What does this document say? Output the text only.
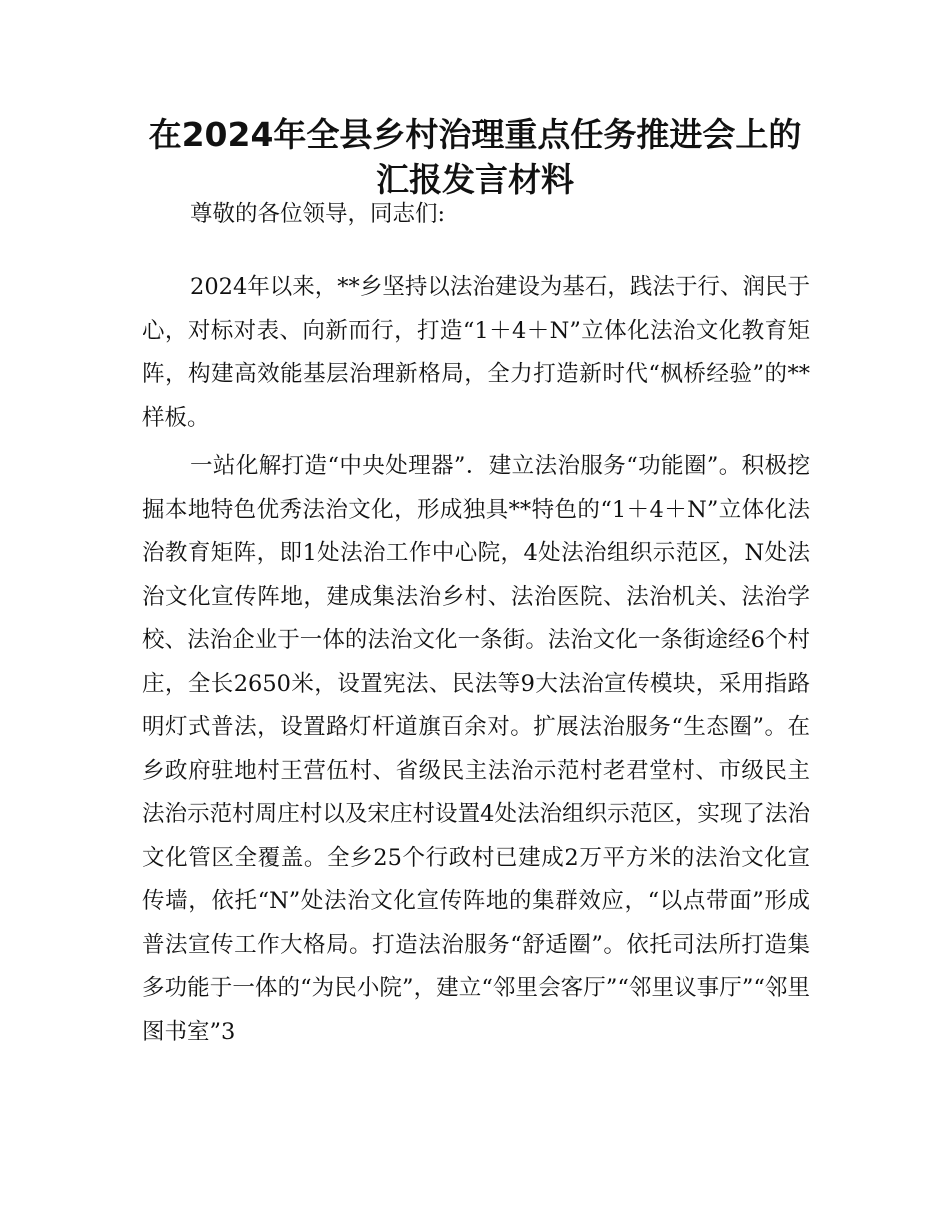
在2024年全县乡村治理重点任务推进会上的汇报发言材料

尊敬的各位领导，同志们:

2024年以来，**乡坚持以法治建设为基石，践法于行、润民于心，对标对表、向新而行，打造“1＋4＋N”立体化法治文化教育矩阵，构建高效能基层治理新格局，全力打造新时代“枫桥经验”的**样板。

一站化解打造“中央处理器”．建立法治服务“功能圈”。积极挖掘本地特色优秀法治文化，形成独具**特色的“1＋4＋N”立体化法治教育矩阵，即1处法治工作中心院，4处法治组织示范区，N处法治文化宣传阵地，建成集法治乡村、法治医院、法治机关、法治学校、法治企业于一体的法治文化一条街。法治文化一条街途经6个村庄，全长2650米，设置宪法、民法等9大法治宣传模块，采用指路明灯式普法，设置路灯杆道旗百余对。扩展法治服务“生态圈”。在乡政府驻地村王营伍村、省级民主法治示范村老君堂村、市级民主法治示范村周庄村以及宋庄村设置4处法治组织示范区，实现了法治文化管区全覆盖。全乡25个行政村已建成2万平方米的法治文化宣传墙，依托“N”处法治文化宣传阵地的集群效应，“以点带面”形成普法宣传工作大格局。打造法治服务“舒适圈”。依托司法所打造集多功能于一体的“为民小院”，建立“邻里会客厅”“邻里议事厅”“邻里图书室”3
